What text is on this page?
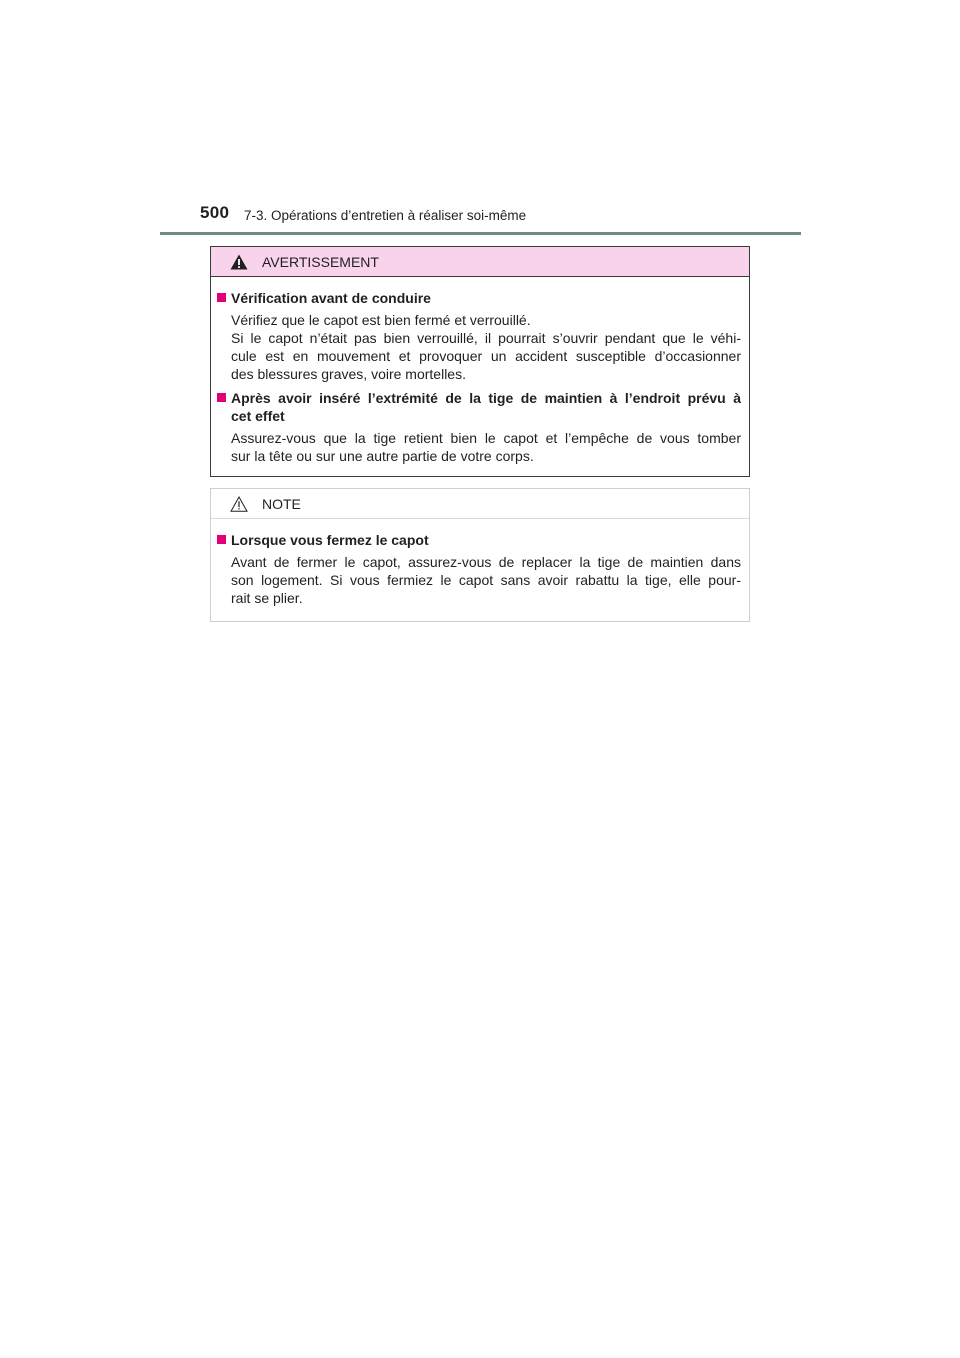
500 7-3. Opérations d’entretien à réaliser soi-même
AVERTISSEMENT
Vérification avant de conduire
Vérifiez que le capot est bien fermé et verrouillé.
Si le capot n’était pas bien verrouillé, il pourrait s’ouvrir pendant que le véhi-
cule est en mouvement et provoquer un accident susceptible d’occasionner
des blessures graves, voire mortelles.
Après avoir inséré l’extrémité de la tige de maintien à l’endroit prévu à
cet effet
Assurez-vous que la tige retient bien le capot et l’empêche de vous tomber
sur la tête ou sur une autre partie de votre corps.
NOTE
Lorsque vous fermez le capot
Avant de fermer le capot, assurez-vous de replacer la tige de maintien dans
son logement. Si vous fermiez le capot sans avoir rabattu la tige, elle pour-
rait se plier.
